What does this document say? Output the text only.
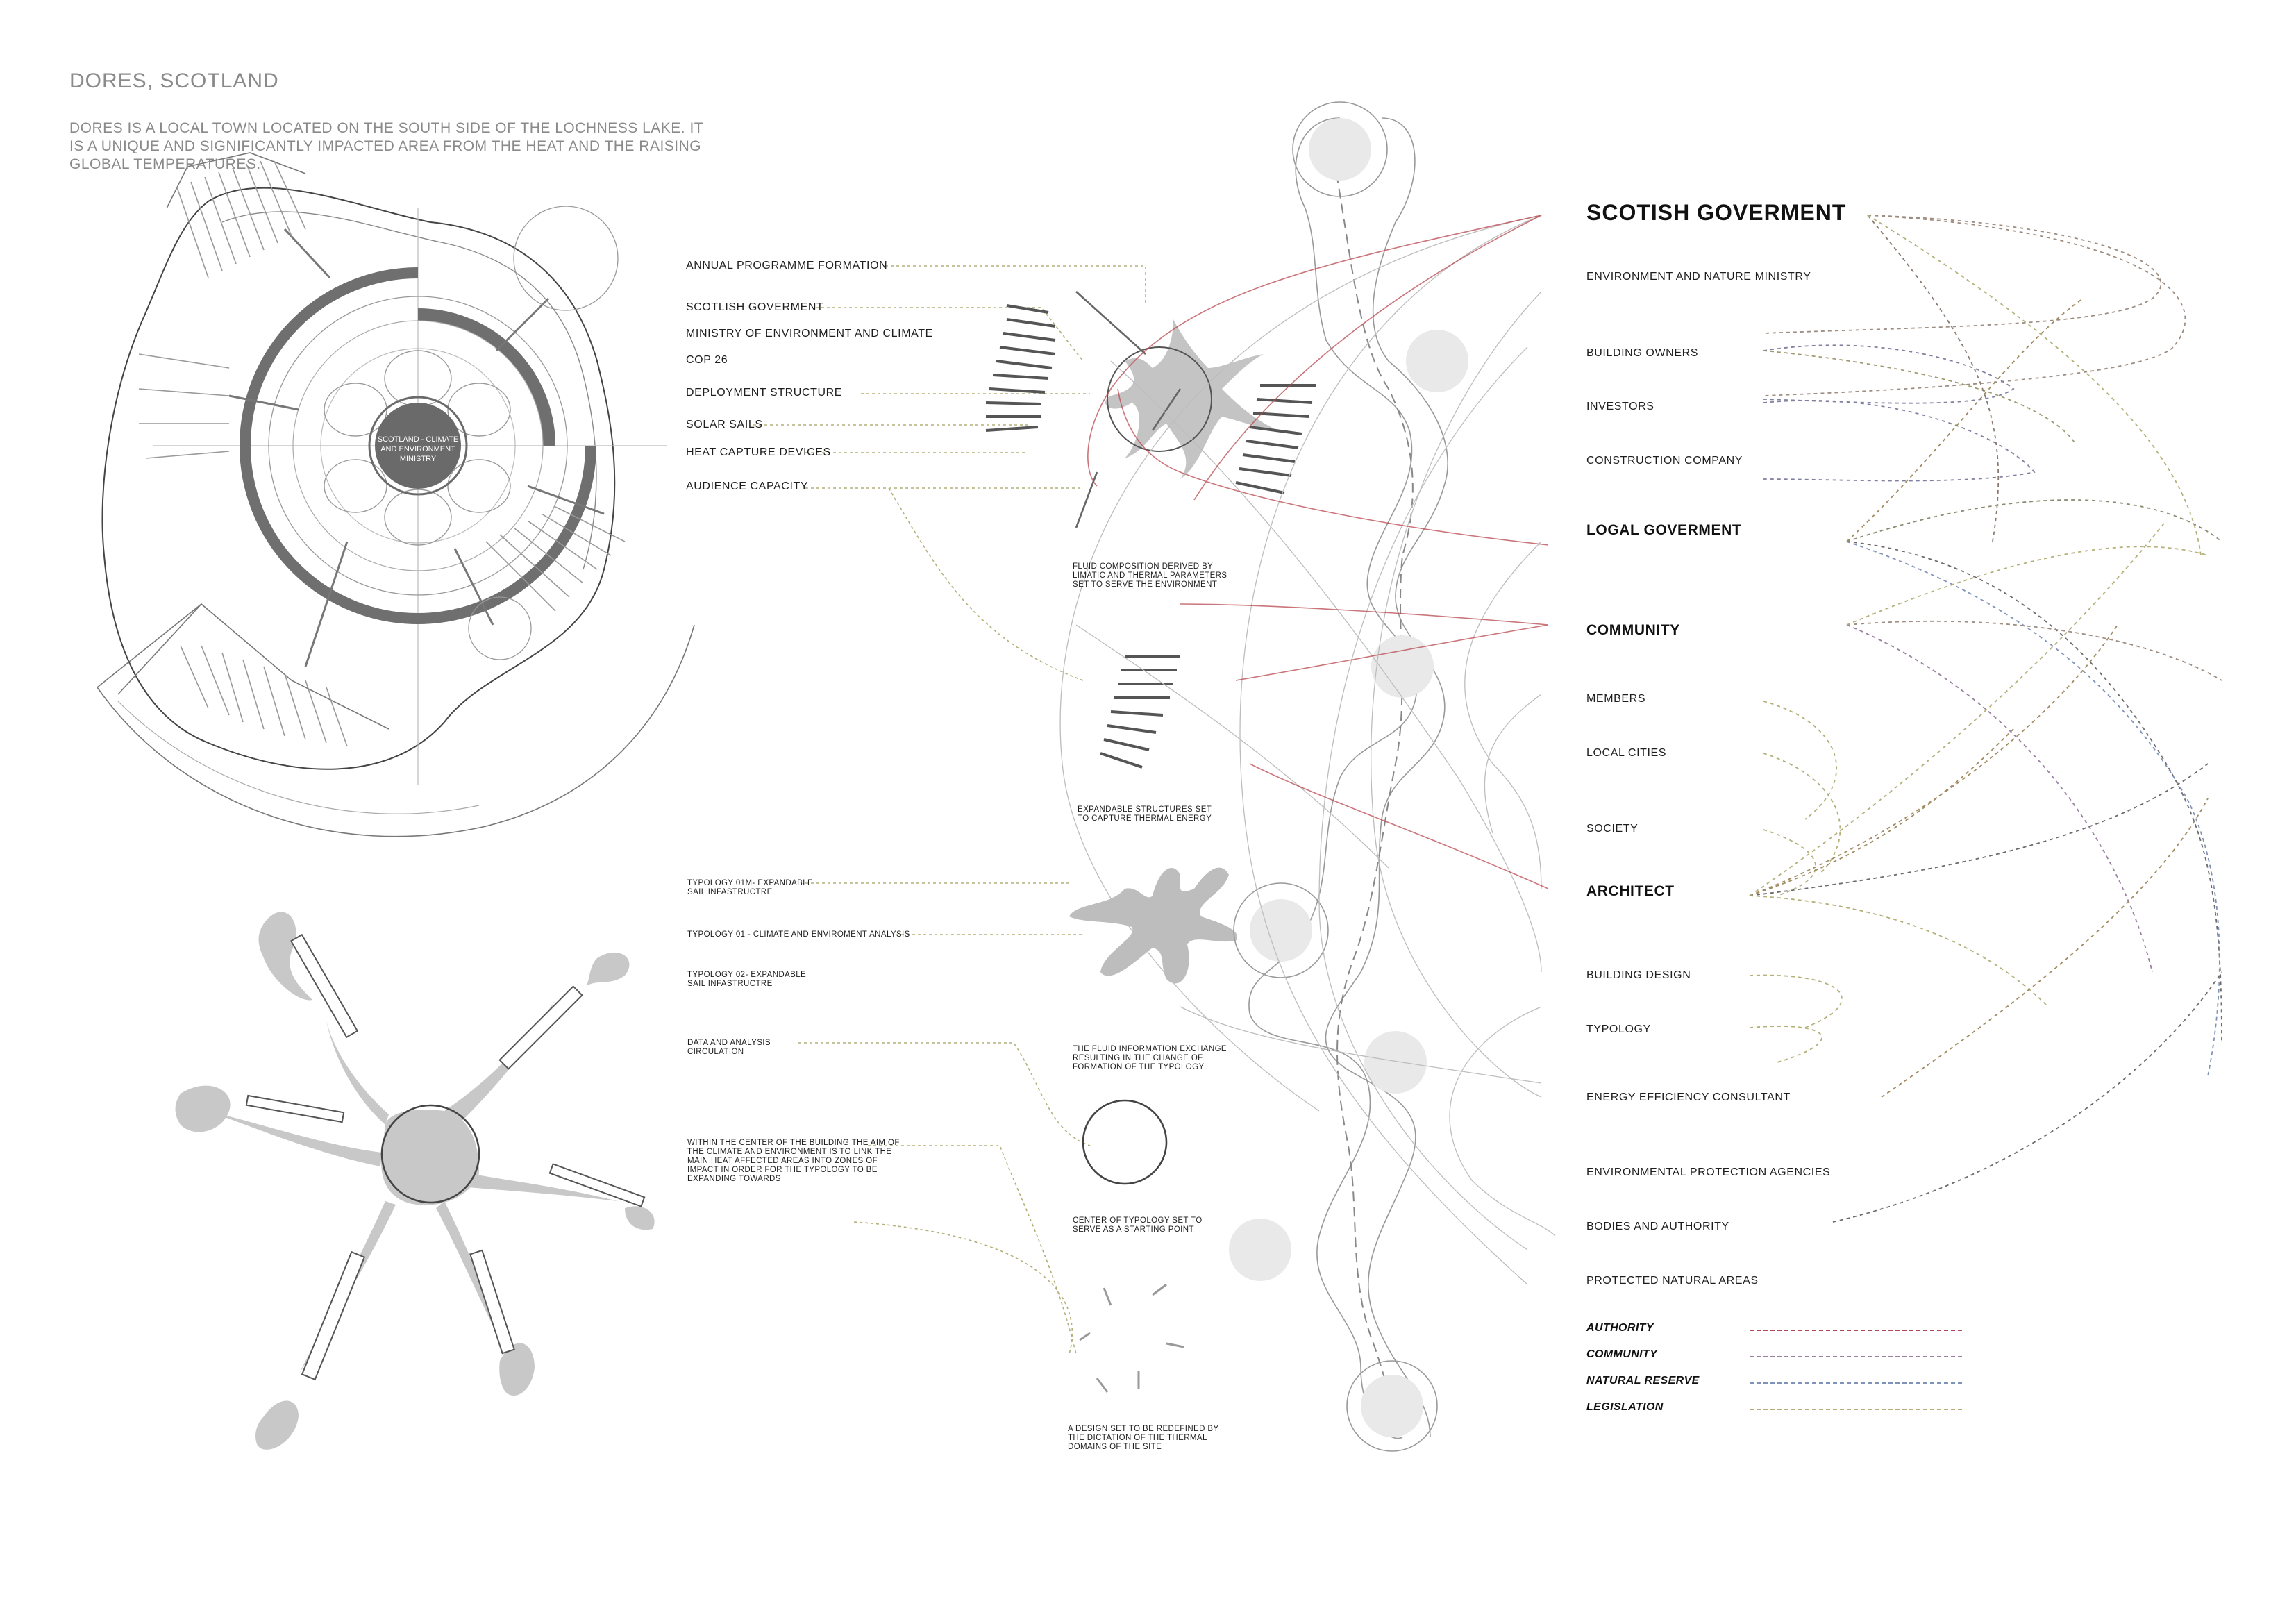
DORES, SCOTLAND
DORES IS A LOCAL TOWN LOCATED ON THE SOUTH SIDE OF THE LOCHNESS LAKE. IT IS A UNIQUE AND SIGNIFICANTLY IMPACTED AREA FROM THE HEAT AND THE RAISING GLOBAL TEMPERATURES.
SCOTLAND - CLIMATE AND ENVIRONMENT MINISTRY
ANNUAL PROGRAMME FORMATION
SCOTLISH GOVERMENT
MINISTRY OF ENVIRONMENT AND CLIMATE
COP 26
DEPLOYMENT STRUCTURE
SOLAR SAILS
HEAT CAPTURE DEVICES
AUDIENCE CAPACITY
FLUID COMPOSITION DERIVED BY
LIMATIC AND THERMAL PARAMETERS
SET TO SERVE THE ENVIRONMENT
EXPANDABLE STRUCTURES SET
TO CAPTURE THERMAL ENERGY
TYPOLOGY 01M- EXPANDABLE
SAIL INFASTRUCTRE
TYPOLOGY 01 - CLIMATE AND ENVIROMENT ANALYSIS
TYPOLOGY 02- EXPANDABLE
SAIL INFASTRUCTRE
DATA AND ANALYSIS
CIRCULATION	THE FLUID INFORMATION EXCHANGE
RESULTING IN THE CHANGE OF
FORMATION OF THE TYPOLOGY
WITHIN THE CENTER OF THE BUILDING THE AIM OF
THE CLIMATE AND ENVIRONMENT IS TO LINK THE
MAIN HEAT AFFECTED AREAS INTO ZONES OF
IMPACT IN ORDER FOR THE TYPOLOGY TO BE
EXPANDING TOWARDS
CENTER OF TYPOLOGY SET TO
SERVE AS A STARTING POINT
A DESIGN SET TO BE REDEFINED BY
THE DICTATION OF THE THERMAL
DOMAINS OF THE SITE
SCOTISH GOVERMENT
ENVIRONMENT AND NATURE MINISTRY
BUILDING OWNERS
INVESTORS
CONSTRUCTION COMPANY
LOGAL GOVERMENT
COMMUNITY
MEMBERS
LOCAL CITIES
SOCIETY
ARCHITECT
BUILDING DESIGN
TYPOLOGY
ENERGY EFFICIENCY CONSULTANT
ENVIRONMENTAL PROTECTION AGENCIES
BODIES AND AUTHORITY
PROTECTED NATURAL AREAS
AUTHORITY
COMMUNITY
NATURAL RESERVE
LEGISLATION
